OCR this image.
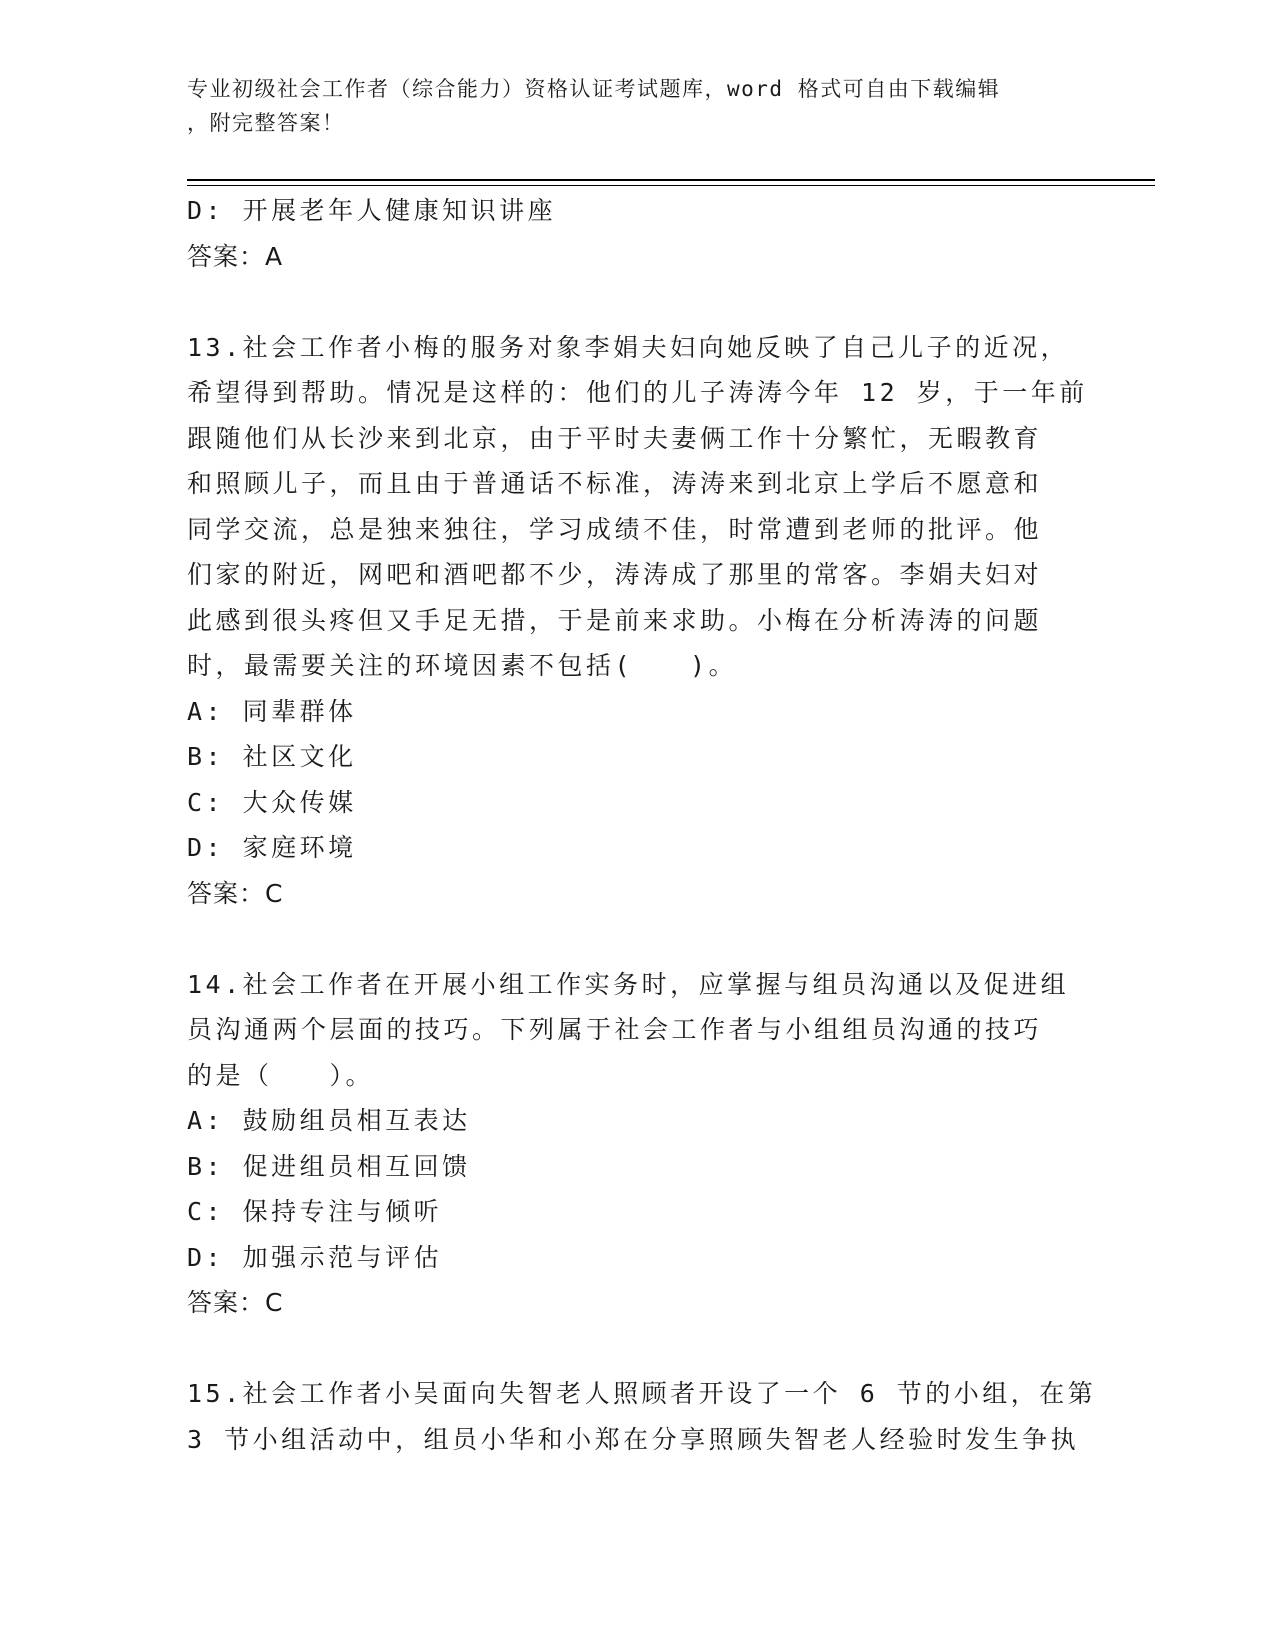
专业初级社会工作者（综合能力）资格认证考试题库，word 格式可自由下载编辑
，附完整答案！
D: 开展老年人健康知识讲座
答案：A
13.社会工作者小梅的服务对象李娟夫妇向她反映了自己儿子的近况，
希望得到帮助。情况是这样的：他们的儿子涛涛今年 12 岁，于一年前
跟随他们从长沙来到北京，由于平时夫妻俩工作十分繁忙，无暇教育
和照顾儿子，而且由于普通话不标准，涛涛来到北京上学后不愿意和
同学交流，总是独来独往，学习成绩不佳，时常遭到老师的批评。他
们家的附近，网吧和酒吧都不少，涛涛成了那里的常客。李娟夫妇对
此感到很头疼但又手足无措，于是前来求助。小梅在分析涛涛的问题
时，最需要关注的环境因素不包括(　　)。
A: 同辈群体
B: 社区文化
C: 大众传媒
D: 家庭环境
答案：C
14.社会工作者在开展小组工作实务时，应掌握与组员沟通以及促进组
员沟通两个层面的技巧。下列属于社会工作者与小组组员沟通的技巧
的是（　　）。
A: 鼓励组员相互表达
B: 促进组员相互回馈
C: 保持专注与倾听
D: 加强示范与评估
答案：C
15.社会工作者小吴面向失智老人照顾者开设了一个 6 节的小组，在第
3 节小组活动中，组员小华和小郑在分享照顾失智老人经验时发生争执
